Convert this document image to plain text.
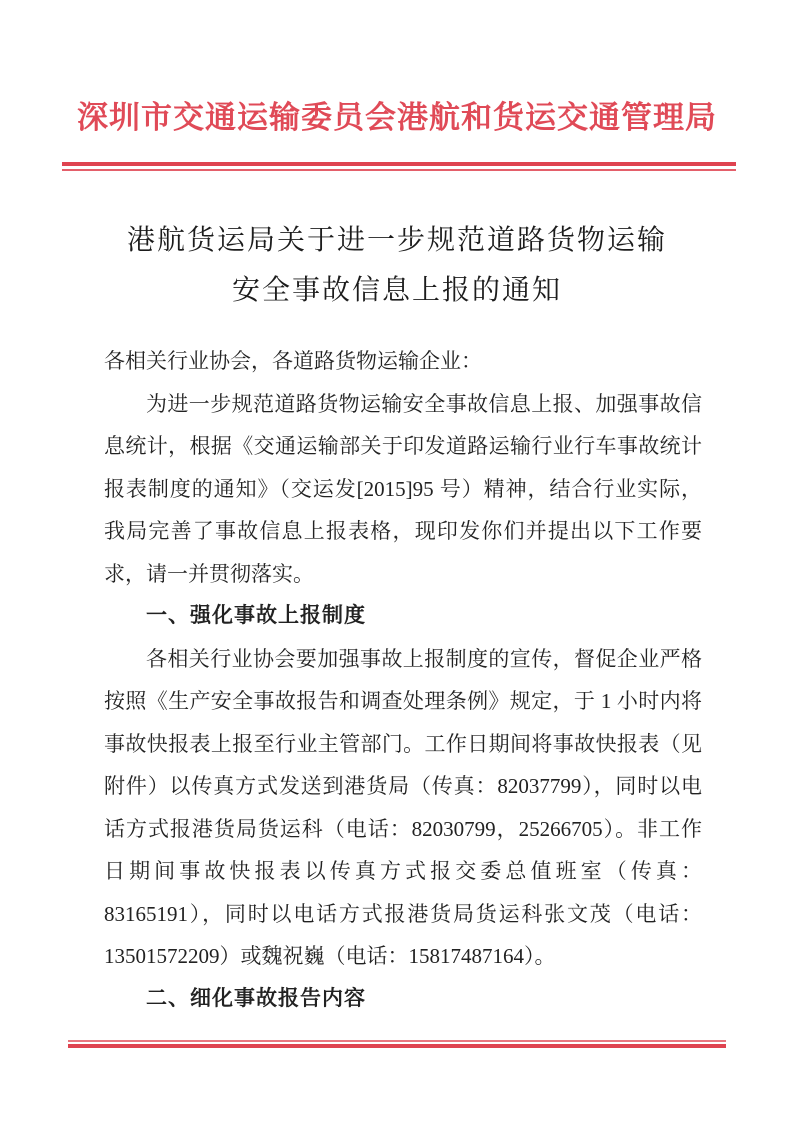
深圳市交通运输委员会港航和货运交通管理局
港航货运局关于进一步规范道路货物运输
安全事故信息上报的通知
各相关行业协会，各道路货物运输企业：
为进一步规范道路货物运输安全事故信息上报、加强事故信
息统计，根据《交通运输部关于印发道路运输行业行车事故统计
报表制度的通知》（交运发[2015]95 号）精神，结合行业实际，
我局完善了事故信息上报表格，现印发你们并提出以下工作要
求，请一并贯彻落实。
一、强化事故上报制度
各相关行业协会要加强事故上报制度的宣传，督促企业严格
按照《生产安全事故报告和调查处理条例》规定，于 1 小时内将
事故快报表上报至行业主管部门。工作日期间将事故快报表（见
附件）以传真方式发送到港货局（传真：82037799），同时以电
话方式报港货局货运科（电话：82030799，25266705）。非工作
日期间事故快报表以传真方式报交委总值班室（传真：
83165191），同时以电话方式报港货局货运科张文茂（电话：
13501572209）或魏祝巍（电话：15817487164）。
二、细化事故报告内容
